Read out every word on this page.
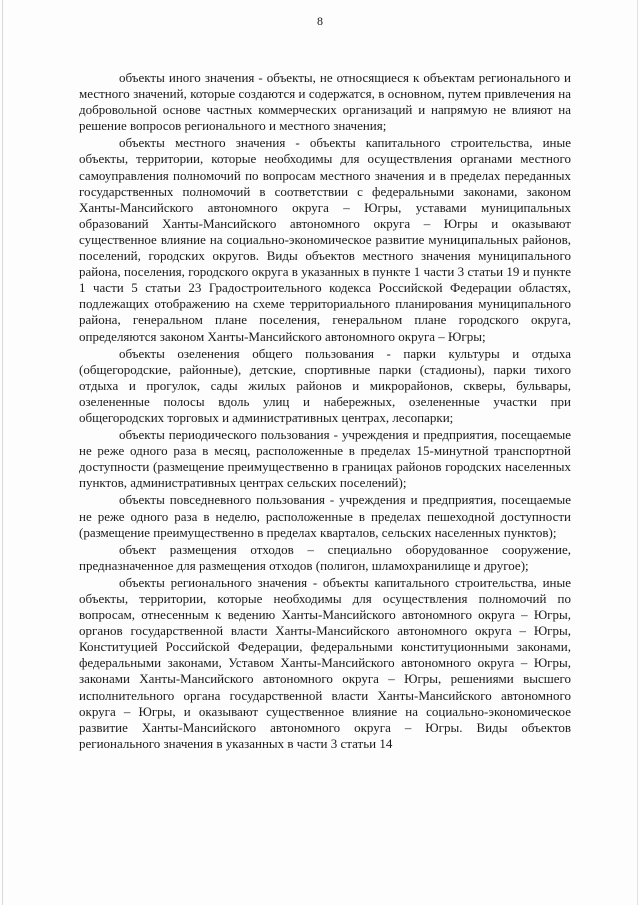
8

объекты иного значения - объекты, не относящиеся к объектам регионального и местного значений, которые создаются и содержатся, в основном, путем привлечения на добровольной основе частных коммерческих организаций и напрямую не влияют на решение вопросов регионального и местного значения;

объекты местного значения - объекты капитального строительства, иные объекты, территории, которые необходимы для осуществления органами местного самоуправления полномочий по вопросам местного значения и в пределах переданных государственных полномочий в соответствии с федеральными законами, законом Ханты-Мансийского автономного округа – Югры, уставами муниципальных образований Ханты-Мансийского автономного округа – Югры и оказывают существенное влияние на социально-экономическое развитие муниципальных районов, поселений, городских округов. Виды объектов местного значения муниципального района, поселения, городского округа в указанных в пункте 1 части 3 статьи 19 и пункте 1 части 5 статьи 23 Градостроительного кодекса Российской Федерации областях, подлежащих отображению на схеме территориального планирования муниципального района, генеральном плане поселения, генеральном плане городского округа, определяются законом Ханты-Мансийского автономного округа – Югры;

объекты озеленения общего пользования - парки культуры и отдыха (общегородские, районные), детские, спортивные парки (стадионы), парки тихого отдыха и прогулок, сады жилых районов и микрорайонов, скверы, бульвары, озелененные полосы вдоль улиц и набережных, озелененные участки при общегородских торговых и административных центрах, лесопарки;

объекты периодического пользования - учреждения и предприятия, посещаемые не реже одного раза в месяц, расположенные в пределах 15-минутной транспортной доступности (размещение преимущественно в границах районов городских населенных пунктов, административных центрах сельских поселений);

объекты повседневного пользования - учреждения и предприятия, посещаемые не реже одного раза в неделю, расположенные в пределах пешеходной доступности (размещение преимущественно в пределах кварталов, сельских населенных пунктов);

объект размещения отходов – специально оборудованное сооружение, предназначенное для размещения отходов (полигон, шламохранилище и другое);

объекты регионального значения - объекты капитального строительства, иные объекты, территории, которые необходимы для осуществления полномочий по вопросам, отнесенным к ведению Ханты-Мансийского автономного округа – Югры, органов государственной власти Ханты-Мансийского автономного округа – Югры, Конституцией Российской Федерации, федеральными конституционными законами, федеральными законами, Уставом Ханты-Мансийского автономного округа – Югры, законами Ханты-Мансийского автономного округа – Югры, решениями высшего исполнительного органа государственной власти Ханты-Мансийского автономного округа – Югры, и оказывают существенное влияние на социально-экономическое развитие Ханты-Мансийского автономного округа – Югры. Виды объектов регионального значения в указанных в части 3 статьи 14
